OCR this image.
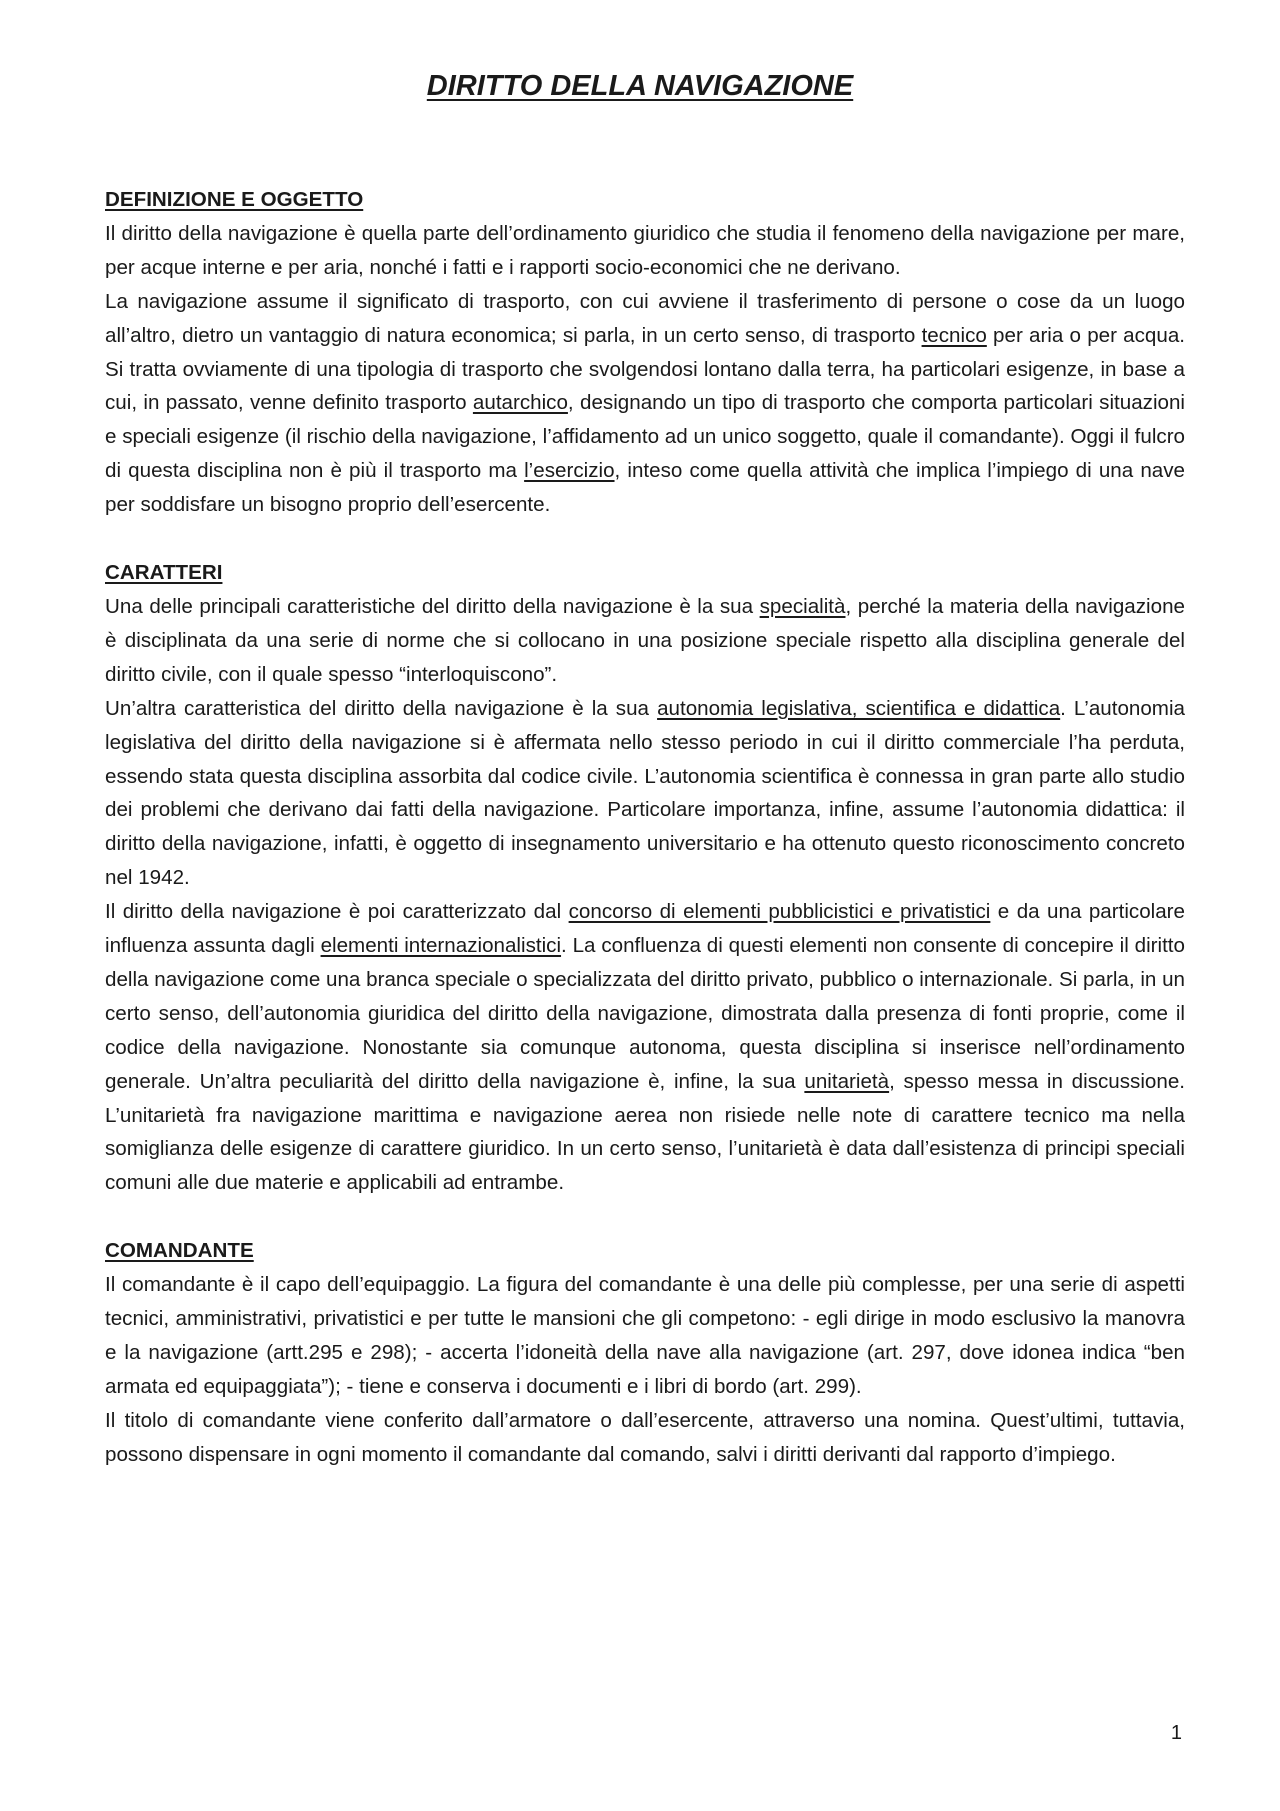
DIRITTO DELLA NAVIGAZIONE

DEFINIZIONE E OGGETTO

Il diritto della navigazione è quella parte dell’ordinamento giuridico che studia il fenomeno della navigazione per mare, per acque interne e per aria, nonché i fatti e i rapporti socio-economici che ne derivano.

La navigazione assume il significato di trasporto, con cui avviene il trasferimento di persone o cose da un luogo all’altro, dietro un vantaggio di natura economica; si parla, in un certo senso, di trasporto tecnico per aria o per acqua. Si tratta ovviamente di una tipologia di trasporto che svolgendosi lontano dalla terra, ha particolari esigenze, in base a cui, in passato, venne definito trasporto autarchico, designando un tipo di trasporto che comporta particolari situazioni e speciali esigenze (il rischio della navigazione, l’affidamento ad un unico soggetto, quale il comandante). Oggi il fulcro di questa disciplina non è più il trasporto ma l’esercizio, inteso come quella attività che implica l’impiego di una nave per soddisfare un bisogno proprio dell’esercente.

CARATTERI

Una delle principali caratteristiche del diritto della navigazione è la sua specialità, perché la materia della navigazione è disciplinata da una serie di norme che si collocano in una posizione speciale rispetto alla disciplina generale del diritto civile, con il quale spesso “interloquiscono”.

Un’altra caratteristica del diritto della navigazione è la sua autonomia legislativa, scientifica e didattica. L’autonomia legislativa del diritto della navigazione si è affermata nello stesso periodo in cui il diritto commerciale l’ha perduta, essendo stata questa disciplina assorbita dal codice civile. L’autonomia scientifica è connessa in gran parte allo studio dei problemi che derivano dai fatti della navigazione. Particolare importanza, infine, assume l’autonomia didattica: il diritto della navigazione, infatti, è oggetto di insegnamento universitario e ha ottenuto questo riconoscimento concreto nel 1942.

Il diritto della navigazione è poi caratterizzato dal concorso di elementi pubblicistici e privatistici e da una particolare influenza assunta dagli elementi internazionalistici. La confluenza di questi elementi non consente di concepire il diritto della navigazione come una branca speciale o specializzata del diritto privato, pubblico o internazionale. Si parla, in un certo senso, dell’autonomia giuridica del diritto della navigazione, dimostrata dalla presenza di fonti proprie, come il codice della navigazione. Nonostante sia comunque autonoma, questa disciplina si inserisce nell’ordinamento generale. Un’altra peculiarità del diritto della navigazione è, infine, la sua unitarietà, spesso messa in discussione. L’unitarietà fra navigazione marittima e navigazione aerea non risiede nelle note di carattere tecnico ma nella somiglianza delle esigenze di carattere giuridico. In un certo senso, l’unitarietà è data dall’esistenza di principi speciali comuni alle due materie e applicabili ad entrambe.

COMANDANTE

Il comandante è il capo dell’equipaggio. La figura del comandante è una delle più complesse, per una serie di aspetti tecnici, amministrativi, privatistici e per tutte le mansioni che gli competono: - egli dirige in modo esclusivo la manovra e la navigazione (artt.295 e 298); - accerta l’idoneità della nave alla navigazione (art. 297, dove idonea indica “ben armata ed equipaggiata”); - tiene e conserva i documenti e i libri di bordo (art. 299).

Il titolo di comandante viene conferito dall’armatore o dall’esercente, attraverso una nomina. Quest’ultimi, tuttavia, possono dispensare in ogni momento il comandante dal comando, salvi i diritti derivanti dal rapporto d’impiego.

1
